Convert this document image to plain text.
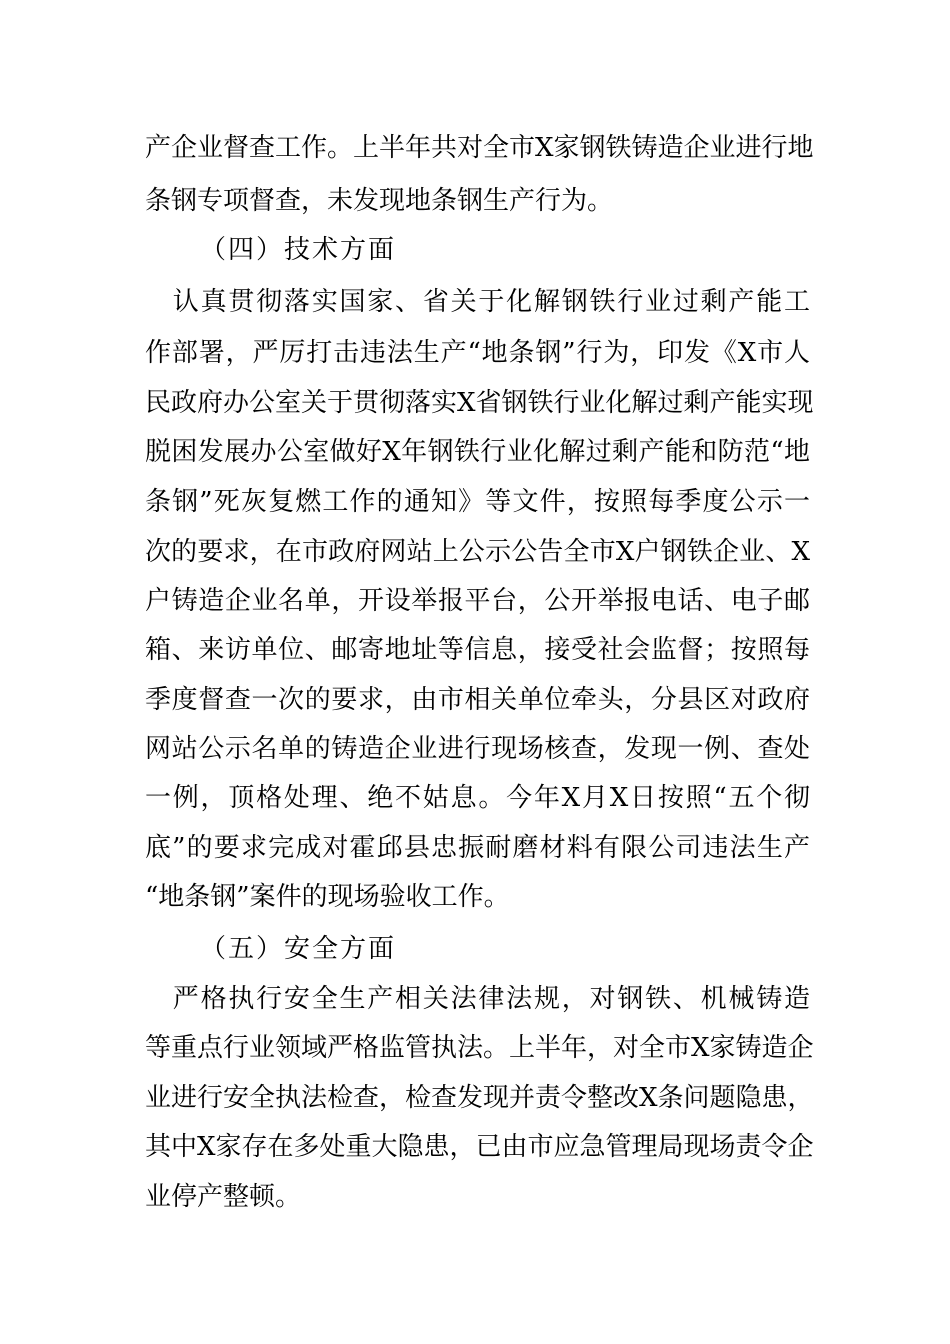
产企业督查工作。上半年共对全市X家钢铁铸造企业进行地
条钢专项督查，未发现地条钢生产行为。
（四）技术方面
　认真贯彻落实国家、省关于化解钢铁行业过剩产能工
作部署，严厉打击违法生产“地条钢”行为，印发《X市人
民政府办公室关于贯彻落实X省钢铁行业化解过剩产能实现
脱困发展办公室做好X年钢铁行业化解过剩产能和防范“地
条钢”死灰复燃工作的通知》等文件，按照每季度公示一
次的要求，在市政府网站上公示公告全市X户钢铁企业、X
户铸造企业名单，开设举报平台，公开举报电话、电子邮
箱、来访单位、邮寄地址等信息，接受社会监督；按照每
季度督查一次的要求，由市相关单位牵头，分县区对政府
网站公示名单的铸造企业进行现场核查，发现一例、查处
一例，顶格处理、绝不姑息。今年X月X日按照“五个彻
底”的要求完成对霍邱县忠振耐磨材料有限公司违法生产
“地条钢”案件的现场验收工作。
（五）安全方面
　严格执行安全生产相关法律法规，对钢铁、机械铸造
等重点行业领域严格监管执法。上半年，对全市X家铸造企
业进行安全执法检查，检查发现并责令整改X条问题隐患，
其中X家存在多处重大隐患，已由市应急管理局现场责令企
业停产整顿。
